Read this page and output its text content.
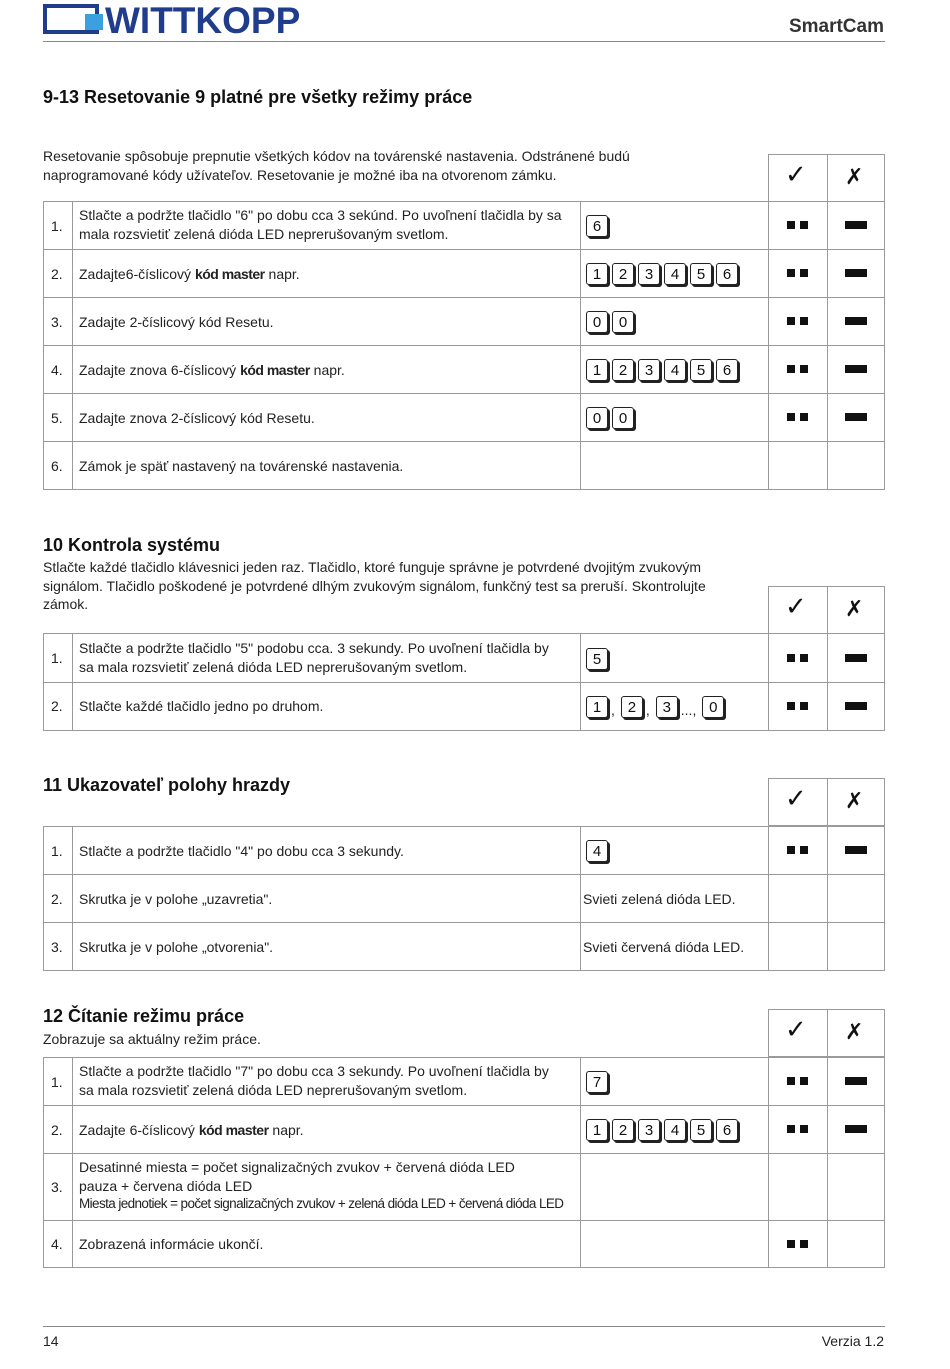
WITTKOPP	SmartCam
9-13 Resetovanie 9 platné pre všetky režimy práce
Resetovanie spôsobuje prepnutie všetkých kódov na továrenské nastavenia. Odstránené budú
naprogramované kódy užívateľov. Resetovanie je možné iba na otvorenom zámku.	✓ ✗
1.
Stlačte a podržte tlačidlo "6" po dobu cca 3 sekúnd. Po uvoľnení tlačidla by sa
mala rozsvietiť zelená dióda LED neprerušovaným svetlom.	6
2. Zadajte6-číslicový kód master napr.	1 2 3 4 5 6
3. Zadajte 2-číslicový kód Resetu.	0 0
4. Zadajte znova 6-číslicový kód master napr.	1 2 3 4 5 6
5. Zadajte znova 2-číslicový kód Resetu.	0 0
6. Zámok je späť nastavený na továrenské nastavenia.
10 Kontrola systému
Stlačte každé tlačidlo klávesnici jeden raz. Tlačidlo, ktoré funguje správne je potvrdené dvojitým zvukovým
signálom. Tlačidlo poškodené je potvrdené dlhým zvukovým signálom, funkčný test sa preruší. Skontrolujte
zámok.	✓ ✗
1.
Stlačte a podržte tlačidlo "5" podobu cca. 3 sekundy. Po uvoľnení tlačidla by
sa mala rozsvietiť zelená dióda LED neprerušovaným svetlom.	5
2. Stlačte každé tlačidlo jedno po druhom.	1 , 2 , 3 ..., 0
11 Ukazovateľ polohy hrazdy	✓ ✗
1. Stlačte a podržte tlačidlo "4" po dobu cca 3 sekundy.	4
2. Skrutka je v polohe „uzavretia".	Svieti zelená dióda LED.
3. Skrutka je v polohe „otvorenia".	Svieti červená dióda LED.
12 Čítanie režimu práce
Zobrazuje sa aktuálny režim práce.	✓ ✗
1.
Stlačte a podržte tlačidlo "7" po dobu cca 3 sekundy. Po uvoľnení tlačidla by
sa mala rozsvietiť zelená dióda LED neprerušovaným svetlom.	7
2. Zadajte 6-číslicový kód master napr.	1 2 3 4 5 6
3.
Desatinné miesta = počet signalizačných zvukov + červená dióda LED
pauza + červena dióda LED
Miesta jednotiek = počet signalizačných zvukov + zelená dióda LED + červená dióda LED
4. Zobrazená informácie ukončí.
14	Verzia 1.2
